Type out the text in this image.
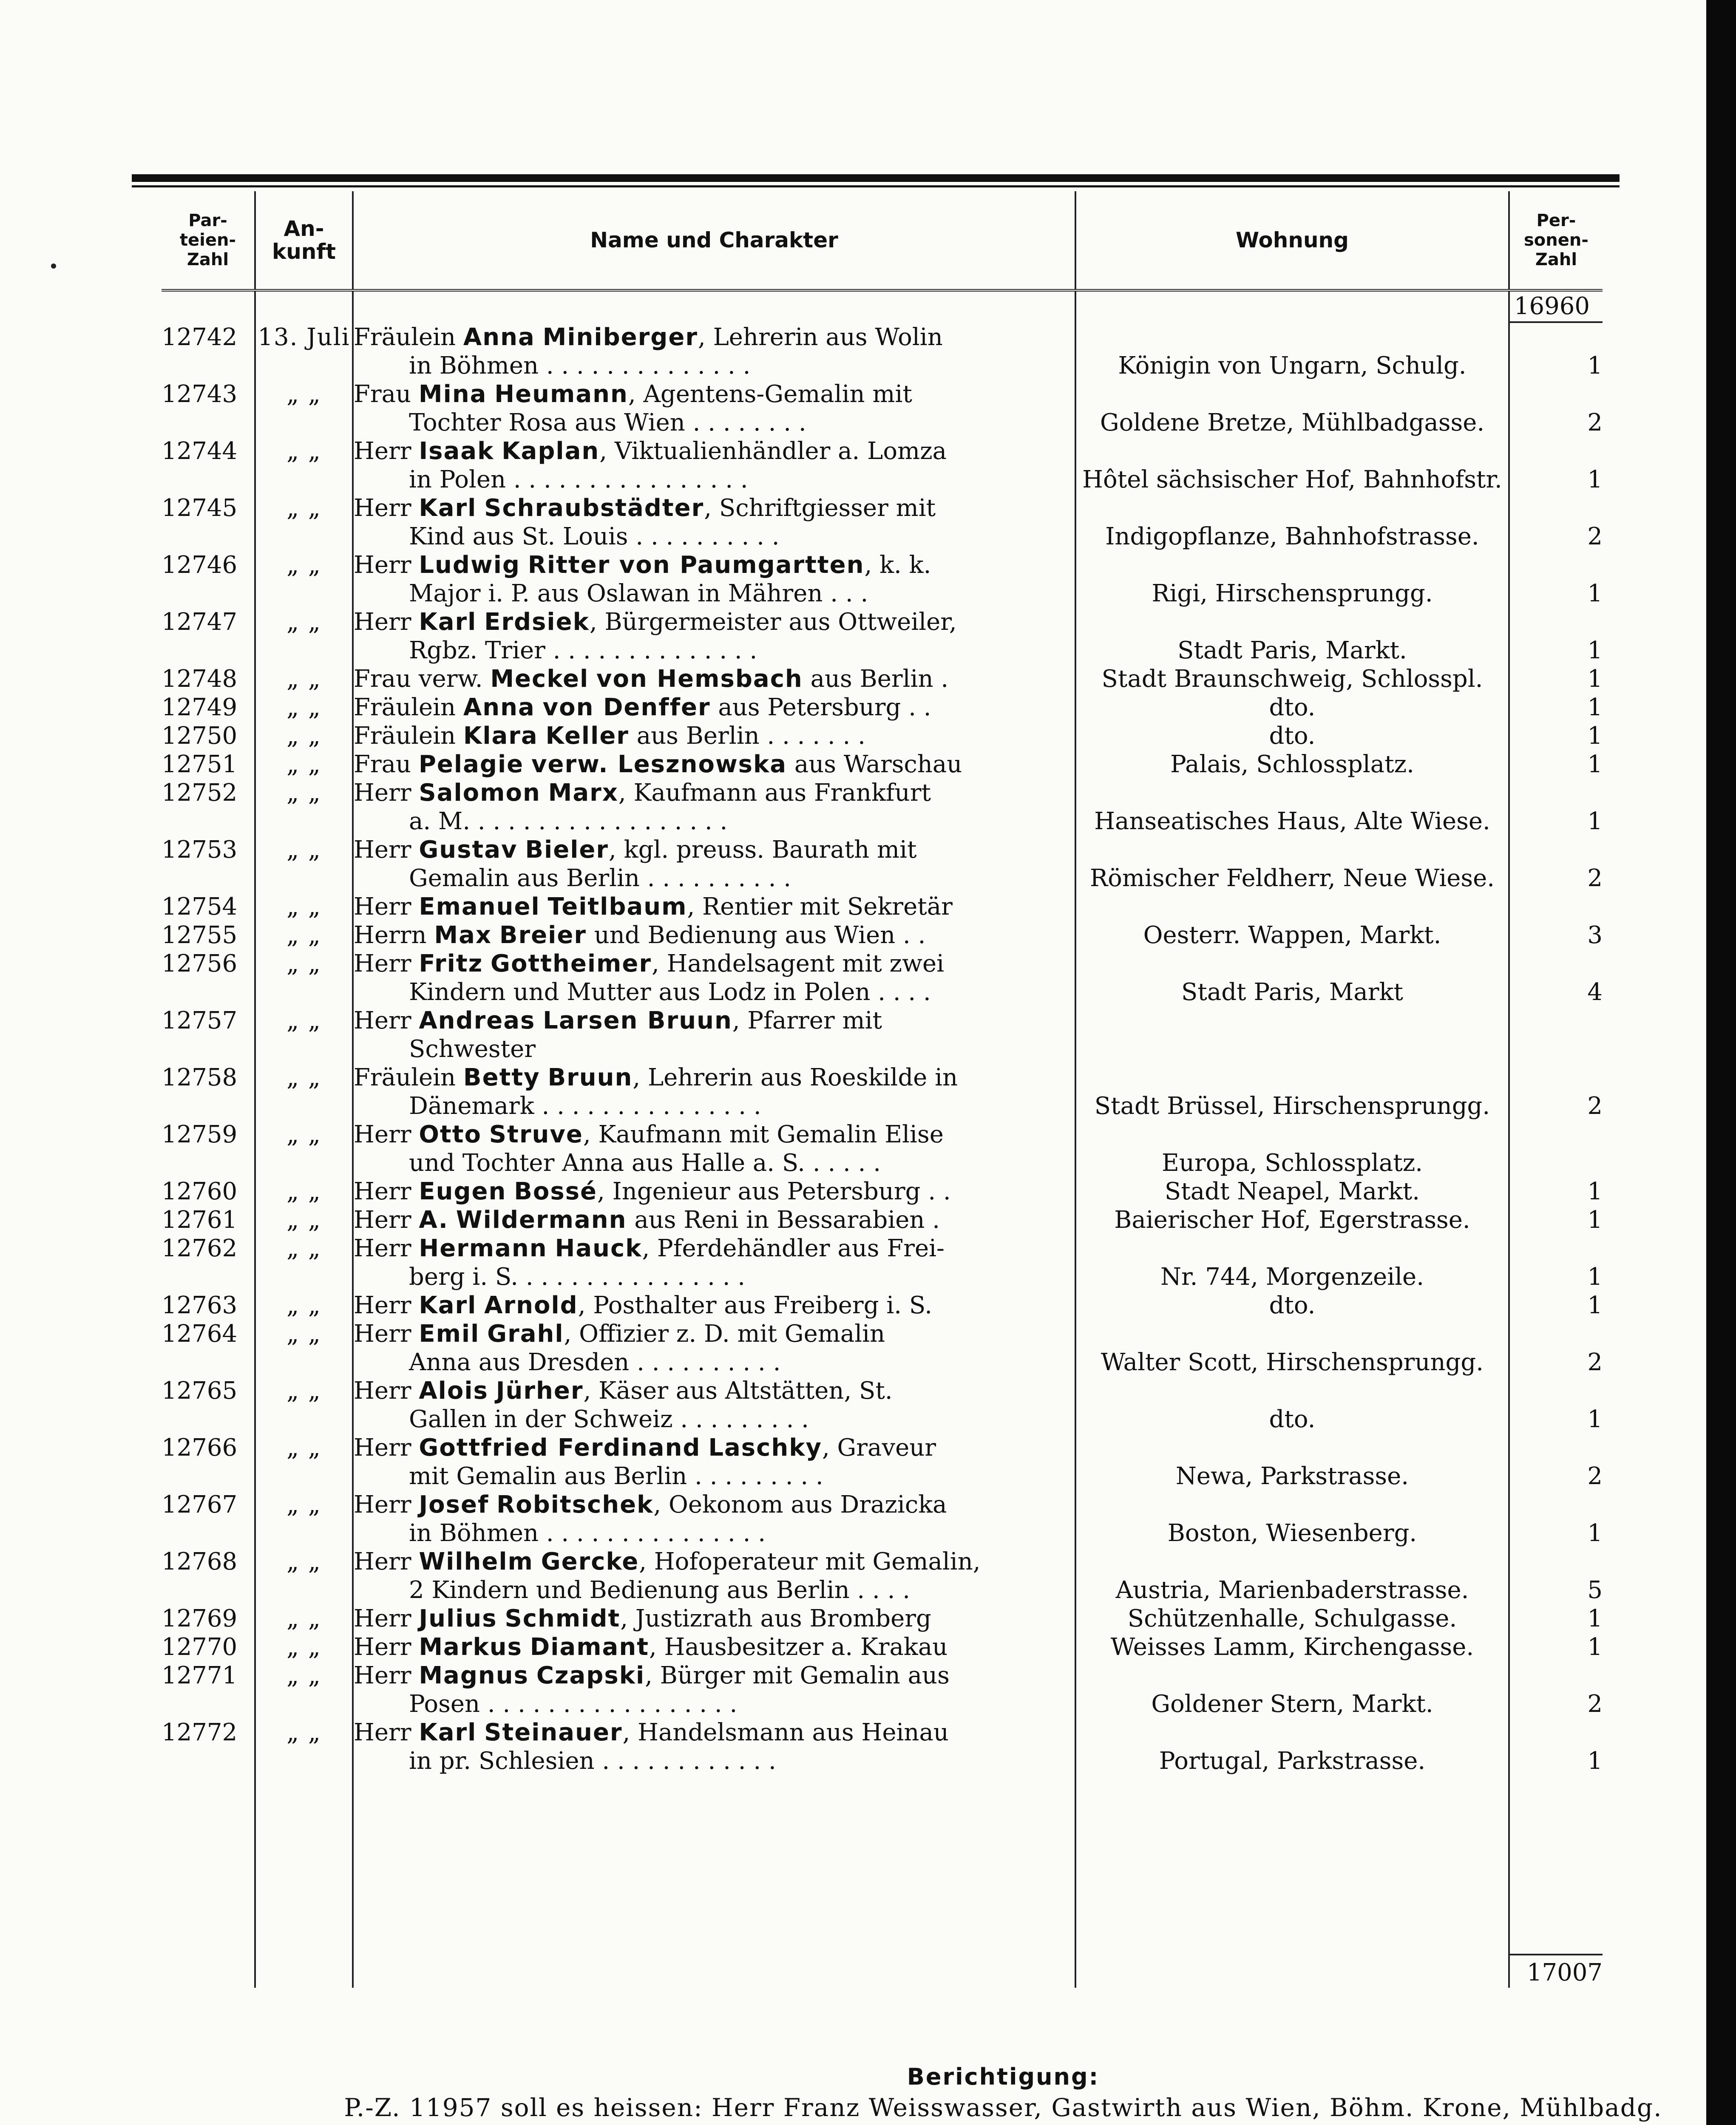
Par-teien-Zahl	An-kunft	Name und Charakter	Wohnung	Per-sonen-Zahl

				16960

12742	13. Juli	Fräulein Anna Miniberger, Lehrerin aus Wolin
in Böhmen . . . . . . . . . . . . . .	Königin von Ungarn, Schulg.	1

12743	„ „	Frau Mina Heumann, Agentens-Gemalin mit
Tochter Rosa aus Wien . . . . . . . .	Goldene Bretze, Mühlbadgasse.	2

12744	„ „	Herr Isaak Kaplan, Viktualienhändler a. Lomza
in Polen . . . . . . . . . . . . . . . .	Hôtel sächsischer Hof, Bahnhofstr.	1

12745	„ „	Herr Karl Schraubstädter, Schriftgiesser mit
Kind aus St. Louis . . . . . . . . . .	Indigopflanze, Bahnhofstrasse.	2

12746	„ „	Herr Ludwig Ritter von Paumgartten, k. k.
Major i. P. aus Oslawan in Mähren . . .	Rigi, Hirschensprungg.	1

12747	„ „	Herr Karl Erdsiek, Bürgermeister aus Ottweiler,
Rgbz. Trier . . . . . . . . . . . . . .	Stadt Paris, Markt.	1

12748	„ „	Frau verw. Meckel von Hemsbach aus Berlin .	Stadt Braunschweig, Schlosspl.	1

12749	„ „	Fräulein Anna von Denffer aus Petersburg . .	dto.	1

12750	„ „	Fräulein Klara Keller aus Berlin . . . . . . .	dto.	1

12751	„ „	Frau Pelagie verw. Lesznowska aus Warschau	Palais, Schlossplatz.	1

12752	„ „	Herr Salomon Marx, Kaufmann aus Frankfurt
a. M. . . . . . . . . . . . . . . . . .	Hanseatisches Haus, Alte Wiese.	1

12753	„ „	Herr Gustav Bieler, kgl. preuss. Baurath mit
Gemalin aus Berlin . . . . . . . . . .	Römischer Feldherr, Neue Wiese.	2

12754	„ „	Herr Emanuel Teitlbaum, Rentier mit Sekretär		

12755	„ „	Herrn Max Breier und Bedienung aus Wien . .	Oesterr. Wappen, Markt.	3

12756	„ „	Herr Fritz Gottheimer, Handelsagent mit zwei
Kindern und Mutter aus Lodz in Polen . . . .	Stadt Paris, Markt	4

12757	„ „	Herr Andreas Larsen Bruun, Pfarrer mit
Schwester		

12758	„ „	Fräulein Betty Bruun, Lehrerin aus Roeskilde in
Dänemark . . . . . . . . . . . . . . .	Stadt Brüssel, Hirschensprungg.	2

12759	„ „	Herr Otto Struve, Kaufmann mit Gemalin Elise
und Tochter Anna aus Halle a. S. . . . . .	Europa, Schlossplatz.	

12760	„ „	Herr Eugen Bossé, Ingenieur aus Petersburg . .	Stadt Neapel, Markt.	1

12761	„ „	Herr A. Wildermann aus Reni in Bessarabien .	Baierischer Hof, Egerstrasse.	1

12762	„ „	Herr Hermann Hauck, Pferdehändler aus Frei-
berg i. S. . . . . . . . . . . . . . . .	Nr. 744, Morgenzeile.	1

12763	„ „	Herr Karl Arnold, Posthalter aus Freiberg i. S.	dto.	1

12764	„ „	Herr Emil Grahl, Offizier z. D. mit Gemalin
Anna aus Dresden . . . . . . . . . .	Walter Scott, Hirschensprungg.	2

12765	„ „	Herr Alois Jürher, Käser aus Altstätten, St.
Gallen in der Schweiz . . . . . . . . .	dto.	1

12766	„ „	Herr Gottfried Ferdinand Laschky, Graveur
mit Gemalin aus Berlin . . . . . . . . .	Newa, Parkstrasse.	2

12767	„ „	Herr Josef Robitschek, Oekonom aus Drazicka
in Böhmen . . . . . . . . . . . . . . .	Boston, Wiesenberg.	1

12768	„ „	Herr Wilhelm Gercke, Hofoperateur mit Gemalin,
2 Kindern und Bedienung aus Berlin . . . .	Austria, Marienbaderstrasse.	5

12769	„ „	Herr Julius Schmidt, Justizrath aus Bromberg	Schützenhalle, Schulgasse.	1

12770	„ „	Herr Markus Diamant, Hausbesitzer a. Krakau	Weisses Lamm, Kirchengasse.	1

12771	„ „	Herr Magnus Czapski, Bürger mit Gemalin aus
Posen . . . . . . . . . . . . . . . . .	Goldener Stern, Markt.	2

12772	„ „	Herr Karl Steinauer, Handelsmann aus Heinau
in pr. Schlesien . . . . . . . . . . . .	Portugal, Parkstrasse.	1

				17007
Berichtigung:
P.-Z. 11957 soll es heissen: Herr Franz Weisswasser, Gastwirth aus Wien, Böhm. Krone, Mühlbadg.
